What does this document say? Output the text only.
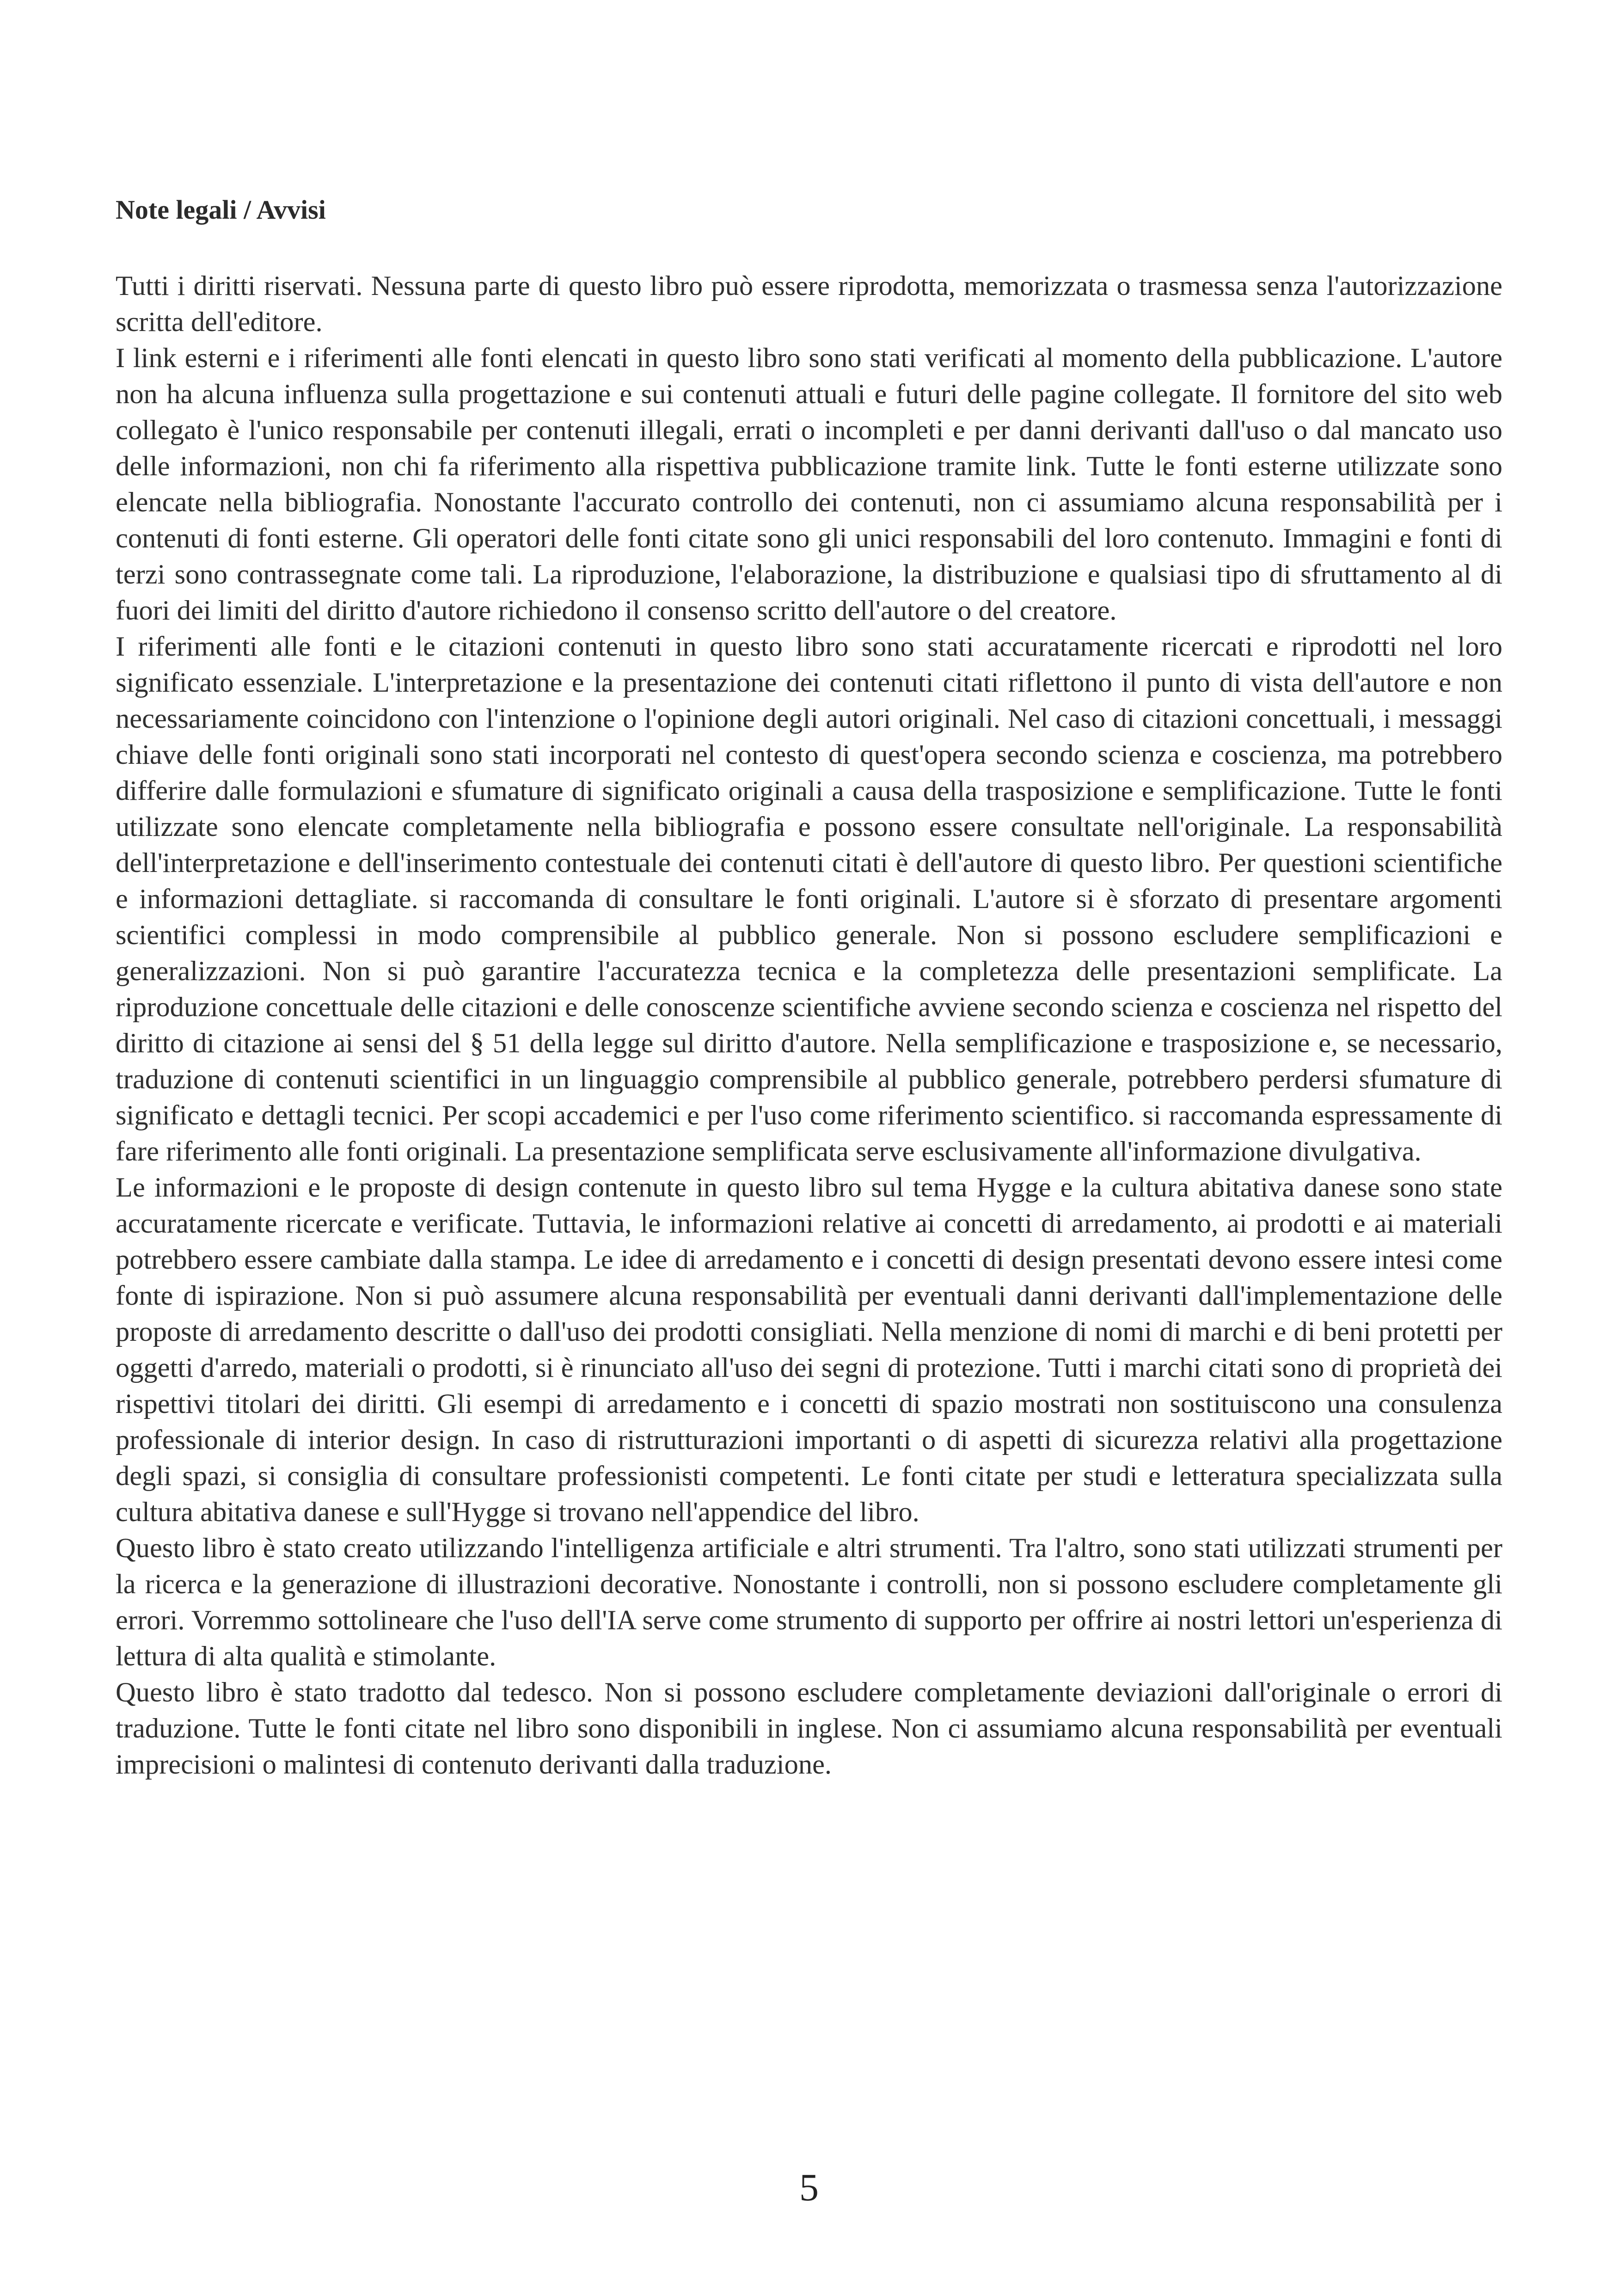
Note legali / Avvisi

Tutti i diritti riservati. Nessuna parte di questo libro può essere riprodotta, memorizzata o trasmessa senza l'autorizzazione scritta dell'editore.

I link esterni e i riferimenti alle fonti elencati in questo libro sono stati verificati al momento della pubblicazione. L'autore non ha alcuna influenza sulla progettazione e sui contenuti attuali e futuri delle pagine collegate. Il fornitore del sito web collegato è l'unico responsabile per contenuti illegali, errati o incompleti e per danni derivanti dall'uso o dal mancato uso delle informazioni, non chi fa riferimento alla rispettiva pubblicazione tramite link. Tutte le fonti esterne utilizzate sono elencate nella bibliografia. Nonostante l'accurato controllo dei contenuti, non ci assumiamo alcuna responsabilità per i contenuti di fonti esterne. Gli operatori delle fonti citate sono gli unici responsabili del loro contenuto. Immagini e fonti di terzi sono contrassegnate come tali. La riproduzione, l'elaborazione, la distribuzione e qualsiasi tipo di sfruttamento al di fuori dei limiti del diritto d'autore richiedono il consenso scritto dell'autore o del creatore.

I riferimenti alle fonti e le citazioni contenuti in questo libro sono stati accuratamente ricercati e riprodotti nel loro significato essenziale. L'interpretazione e la presentazione dei contenuti citati riflettono il punto di vista dell'autore e non necessariamente coincidono con l'intenzione o l'opinione degli autori originali. Nel caso di citazioni concettuali, i messaggi chiave delle fonti originali sono stati incorporati nel contesto di quest'opera secondo scienza e coscienza, ma potrebbero differire dalle formulazioni e sfumature di significato originali a causa della trasposizione e semplificazione. Tutte le fonti utilizzate sono elencate completamente nella bibliografia e possono essere consultate nell'originale. La responsabilità dell'interpretazione e dell'inserimento contestuale dei contenuti citati è dell'autore di questo libro. Per questioni scientifiche e informazioni dettagliate. si raccomanda di consultare le fonti originali. L'autore si è sforzato di presentare argomenti scientifici complessi in modo comprensibile al pubblico generale. Non si possono escludere semplificazioni e generalizzazioni. Non si può garantire l'accuratezza tecnica e la completezza delle presentazioni semplificate. La riproduzione concettuale delle citazioni e delle conoscenze scientifiche avviene secondo scienza e coscienza nel rispetto del diritto di citazione ai sensi del § 51 della legge sul diritto d'autore. Nella semplificazione e trasposizione e, se necessario, traduzione di contenuti scientifici in un linguaggio comprensibile al pubblico generale, potrebbero perdersi sfumature di significato e dettagli tecnici. Per scopi accademici e per l'uso come riferimento scientifico. si raccomanda espressamente di fare riferimento alle fonti originali. La presentazione semplificata serve esclusivamente all'informazione divulgativa.

Le informazioni e le proposte di design contenute in questo libro sul tema Hygge e la cultura abitativa danese sono state accuratamente ricercate e verificate. Tuttavia, le informazioni relative ai concetti di arredamento, ai prodotti e ai materiali potrebbero essere cambiate dalla stampa. Le idee di arredamento e i concetti di design presentati devono essere intesi come fonte di ispirazione. Non si può assumere alcuna responsabilità per eventuali danni derivanti dall'implementazione delle proposte di arredamento descritte o dall'uso dei prodotti consigliati. Nella menzione di nomi di marchi e di beni protetti per oggetti d'arredo, materiali o prodotti, si è rinunciato all'uso dei segni di protezione. Tutti i marchi citati sono di proprietà dei rispettivi titolari dei diritti. Gli esempi di arredamento e i concetti di spazio mostrati non sostituiscono una consulenza professionale di interior design. In caso di ristrutturazioni importanti o di aspetti di sicurezza relativi alla progettazione degli spazi, si consiglia di consultare professionisti competenti. Le fonti citate per studi e letteratura specializzata sulla cultura abitativa danese e sull'Hygge si trovano nell'appendice del libro.

Questo libro è stato creato utilizzando l'intelligenza artificiale e altri strumenti. Tra l'altro, sono stati utilizzati strumenti per la ricerca e la generazione di illustrazioni decorative. Nonostante i controlli, non si possono escludere completamente gli errori. Vorremmo sottolineare che l'uso dell'IA serve come strumento di supporto per offrire ai nostri lettori un'esperienza di lettura di alta qualità e stimolante.

Questo libro è stato tradotto dal tedesco. Non si possono escludere completamente deviazioni dall'originale o errori di traduzione. Tutte le fonti citate nel libro sono disponibili in inglese. Non ci assumiamo alcuna responsabilità per eventuali imprecisioni o malintesi di contenuto derivanti dalla traduzione.

5
